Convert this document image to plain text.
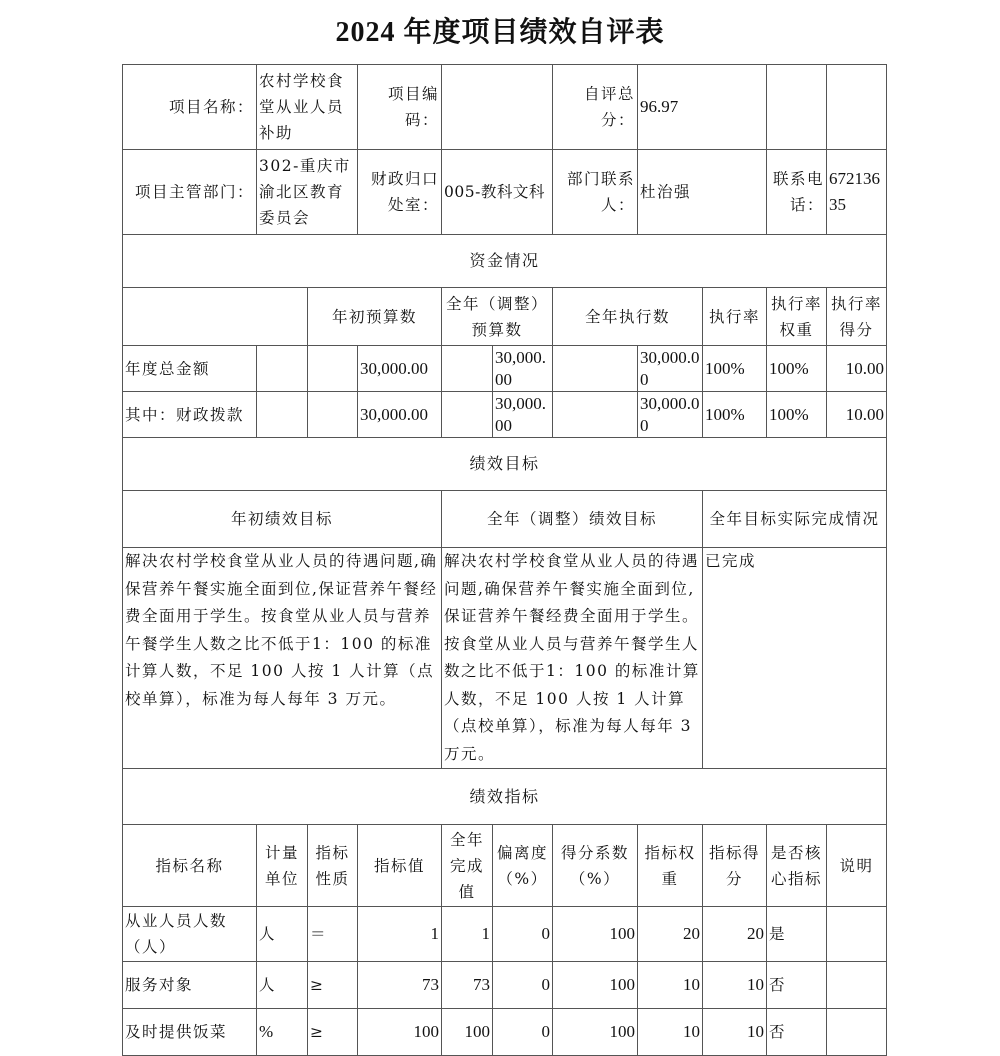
2024 年度项目绩效自评表
项目名称：	农村学校食堂从业人员补助		项目编码：			自评总分：	96.97			
项目主管部门：	302-重庆市渝北区教育委员会		财政归口处室：	005-教科文科		部门联系人：	杜治强		联系电话：	67213635
资金情况										
		年初预算数		全年（调整）预算数		全年执行数		执行率	执行率权重	执行率得分
年度总金额			30,000.00		30,000.00		30,000.00	100%	100%	10.00
其中：财政拨款			30,000.00		30,000.00		30,000.00	100%	100%	10.00
绩效目标										
年初绩效目标				全年（调整）绩效目标				全年目标实际完成情况		
解决农村学校食堂从业人员的待遇问题,确保营养午餐实施全面到位,保证营养午餐经费全面用于学生。按食堂从业人员与营养午餐学生人数之比不低于1：100 的标准计算人数，不足 100 人按 1 人计算（点校单算），标准为每人每年 3 万元。				解决农村学校食堂从业人员的待遇问题,确保营养午餐实施全面到位,保证营养午餐经费全面用于学生。按食堂从业人员与营养午餐学生人数之比不低于1：100 的标准计算人数，不足 100 人按 1 人计算（点校单算），标准为每人每年 3 万元。				已完成		
绩效指标										
指标名称	计量单位	指标性质	指标值	全年完成值	偏离度（%）	得分系数（%）	指标权重	指标得分	是否核心指标	说明
从业人员人数（人）	人	＝	1	1	0	100	20	20	是	
服务对象	人	≥	73	73	0	100	10	10	否	
及时提供饭菜	%	≥	100	100	0	100	10	10	否	
